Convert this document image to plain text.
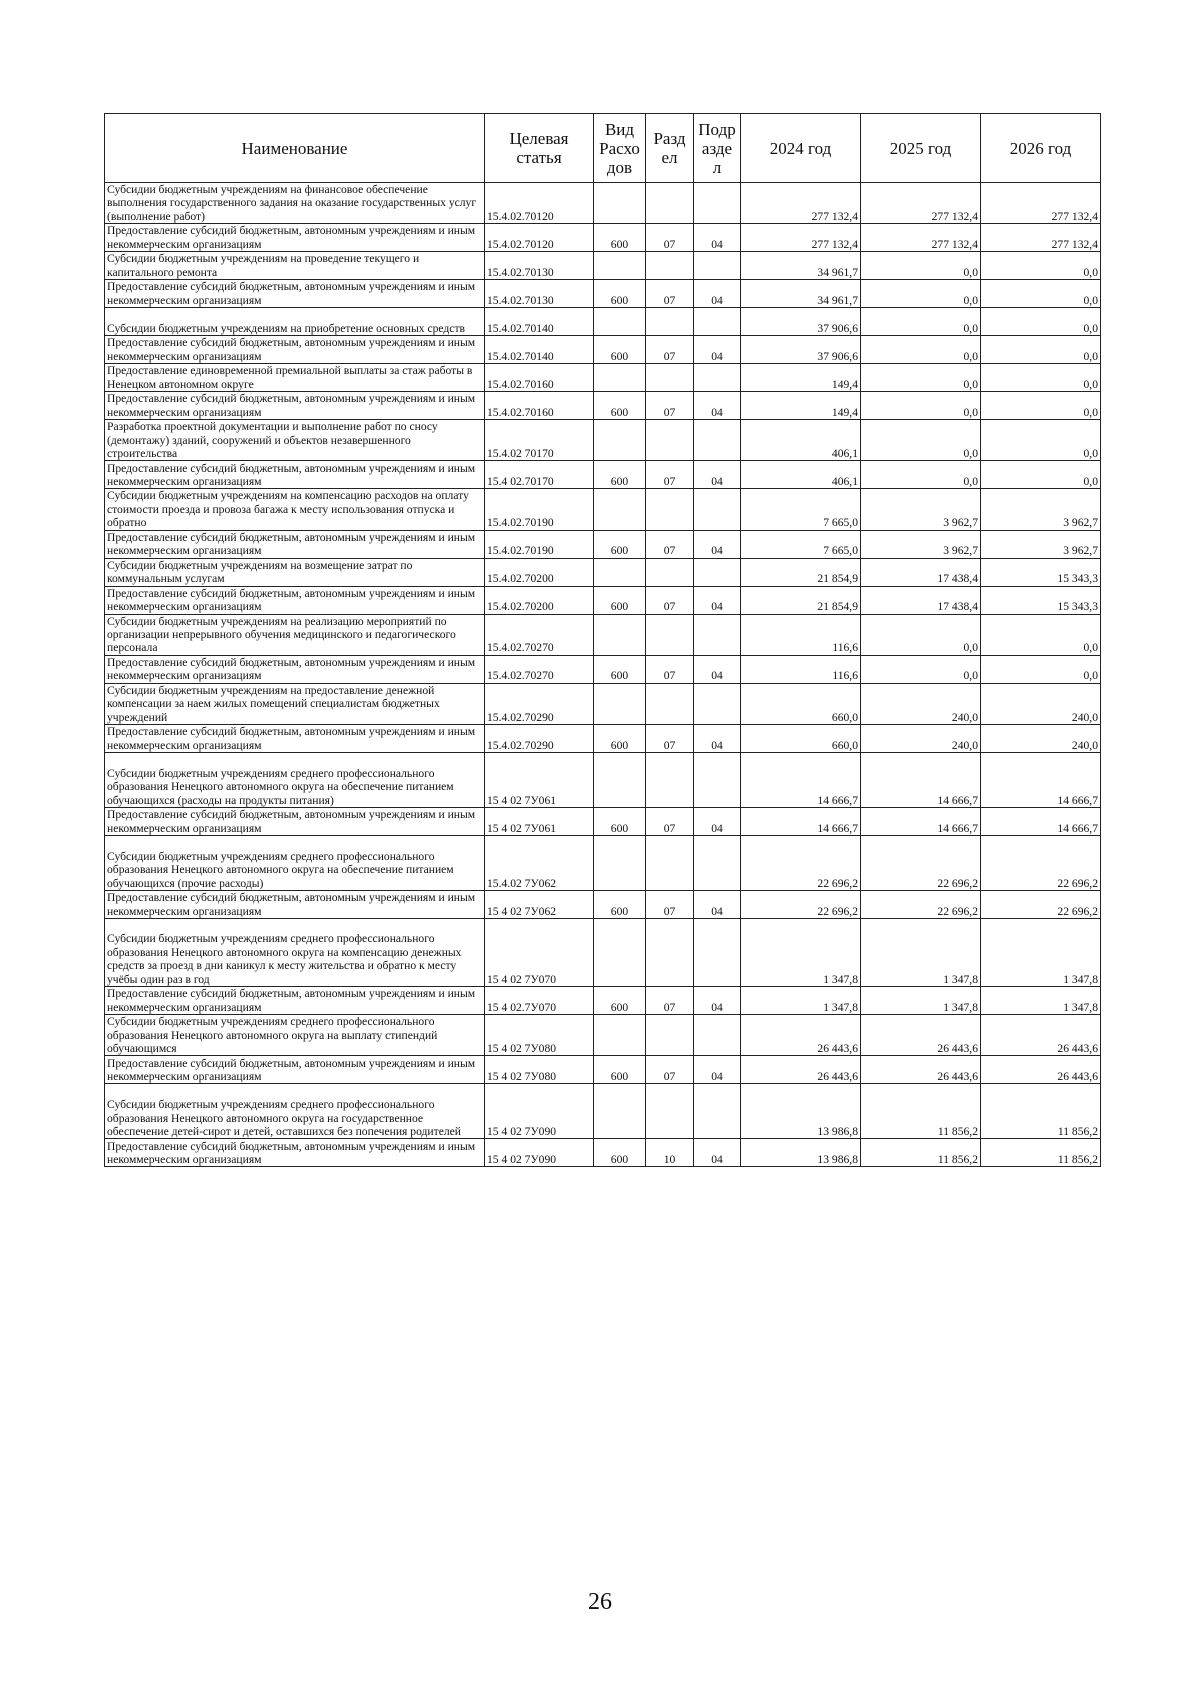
Наименование	Целевая статья	Вид Расхо дов	Разд ел	Подр азде л	2024 год	2025 год	2026 год
Субсидии бюджетным учреждениям на финансовое обеспечение выполнения государственного задания на оказание государственных услуг (выполнение работ)	15.4.02.70120				277 132,4	277 132,4	277 132,4
Предоставление субсидий бюджетным, автономным учреждениям и иным некоммерческим организациям	15.4.02.70120	600	07	04	277 132,4	277 132,4	277 132,4
Субсидии бюджетным учреждениям на проведение текущего и капитального ремонта	15.4.02.70130				34 961,7	0,0	0,0
Предоставление субсидий бюджетным, автономным учреждениям и иным некоммерческим организациям	15.4.02.70130	600	07	04	34 961,7	0,0	0,0
Субсидии бюджетным учреждениям на приобретение основных средств	15.4.02.70140				37 906,6	0,0	0,0
Предоставление субсидий бюджетным, автономным учреждениям и иным некоммерческим организациям	15.4.02.70140	600	07	04	37 906,6	0,0	0,0
Предоставление единовременной премиальной выплаты за стаж работы в Ненецком автономном округе	15.4.02.70160				149,4	0,0	0,0
Предоставление субсидий бюджетным, автономным учреждениям и иным некоммерческим организациям	15.4.02.70160	600	07	04	149,4	0,0	0,0
Разработка проектной документации и выполнение работ по сносу (демонтажу) зданий, сооружений и объектов незавершенного строительства	15.4.02 70170				406,1	0,0	0,0
Предоставление субсидий бюджетным, автономным учреждениям и иным некоммерческим организациям	15.4 02.70170	600	07	04	406,1	0,0	0,0
Субсидии бюджетным учреждениям на компенсацию расходов на оплату стоимости проезда и провоза багажа к месту использования отпуска и обратно	15.4.02.70190				7 665,0	3 962,7	3 962,7
Предоставление субсидий бюджетным, автономным учреждениям и иным некоммерческим организациям	15.4.02.70190	600	07	04	7 665,0	3 962,7	3 962,7
Субсидии бюджетным учреждениям на возмещение затрат по коммунальным услугам	15.4.02.70200				21 854,9	17 438,4	15 343,3
Предоставление субсидий бюджетным, автономным учреждениям и иным некоммерческим организациям	15.4.02.70200	600	07	04	21 854,9	17 438,4	15 343,3
Субсидии бюджетным учреждениям на реализацию мероприятий по организации непрерывного обучения медицинского и педагогического персонала	15.4.02.70270				116,6	0,0	0,0
Предоставление субсидий бюджетным, автономным учреждениям и иным некоммерческим организациям	15.4.02.70270	600	07	04	116,6	0,0	0,0
Субсидии бюджетным учреждениям на предоставление денежной компенсации за наем жилых помещений специалистам бюджетных учреждений	15.4.02.70290				660,0	240,0	240,0
Предоставление субсидий бюджетным, автономным учреждениям и иным некоммерческим организациям	15.4.02.70290	600	07	04	660,0	240,0	240,0
Субсидии бюджетным учреждениям среднего профессионального образования Ненецкого автономного округа на обеспечение питанием обучающихся (расходы на продукты питания)	15 4 02 7У061				14 666,7	14 666,7	14 666,7
Предоставление субсидий бюджетным, автономным учреждениям и иным некоммерческим организациям	15 4 02 7У061	600	07	04	14 666,7	14 666,7	14 666,7
Субсидии бюджетным учреждениям среднего профессионального образования Ненецкого автономного округа на обеспечение питанием обучающихся (прочие расходы)	15.4.02 7У062				22 696,2	22 696,2	22 696,2
Предоставление субсидий бюджетным, автономным учреждениям и иным некоммерческим организациям	15 4 02 7У062	600	07	04	22 696,2	22 696,2	22 696,2
Субсидии бюджетным учреждениям среднего профессионального образования Ненецкого автономного округа на компенсацию денежных средств за проезд в дни каникул к месту жительства и обратно к месту учёбы один раз в год	15 4 02 7У070				1 347,8	1 347,8	1 347,8
Предоставление субсидий бюджетным, автономным учреждениям и иным некоммерческим организациям	15 4 02.7У070	600	07	04	1 347,8	1 347,8	1 347,8
Субсидии бюджетным учреждениям среднего профессионального образования Ненецкого автономного округа на выплату стипендий обучающимся	15 4 02 7У080				26 443,6	26 443,6	26 443,6
Предоставление субсидий бюджетным, автономным учреждениям и иным некоммерческим организациям	15 4 02 7У080	600	07	04	26 443,6	26 443,6	26 443,6
Субсидии бюджетным учреждениям среднего профессионального образования Ненецкого автономного округа на государственное обеспечение детей-сирот и детей, оставшихся без попечения родителей	15 4 02 7У090				13 986,8	11 856,2	11 856,2
Предоставление субсидий бюджетным, автономным учреждениям и иным некоммерческим организациям	15 4 02 7У090	600	10	04	13 986,8	11 856,2	11 856,2
26
